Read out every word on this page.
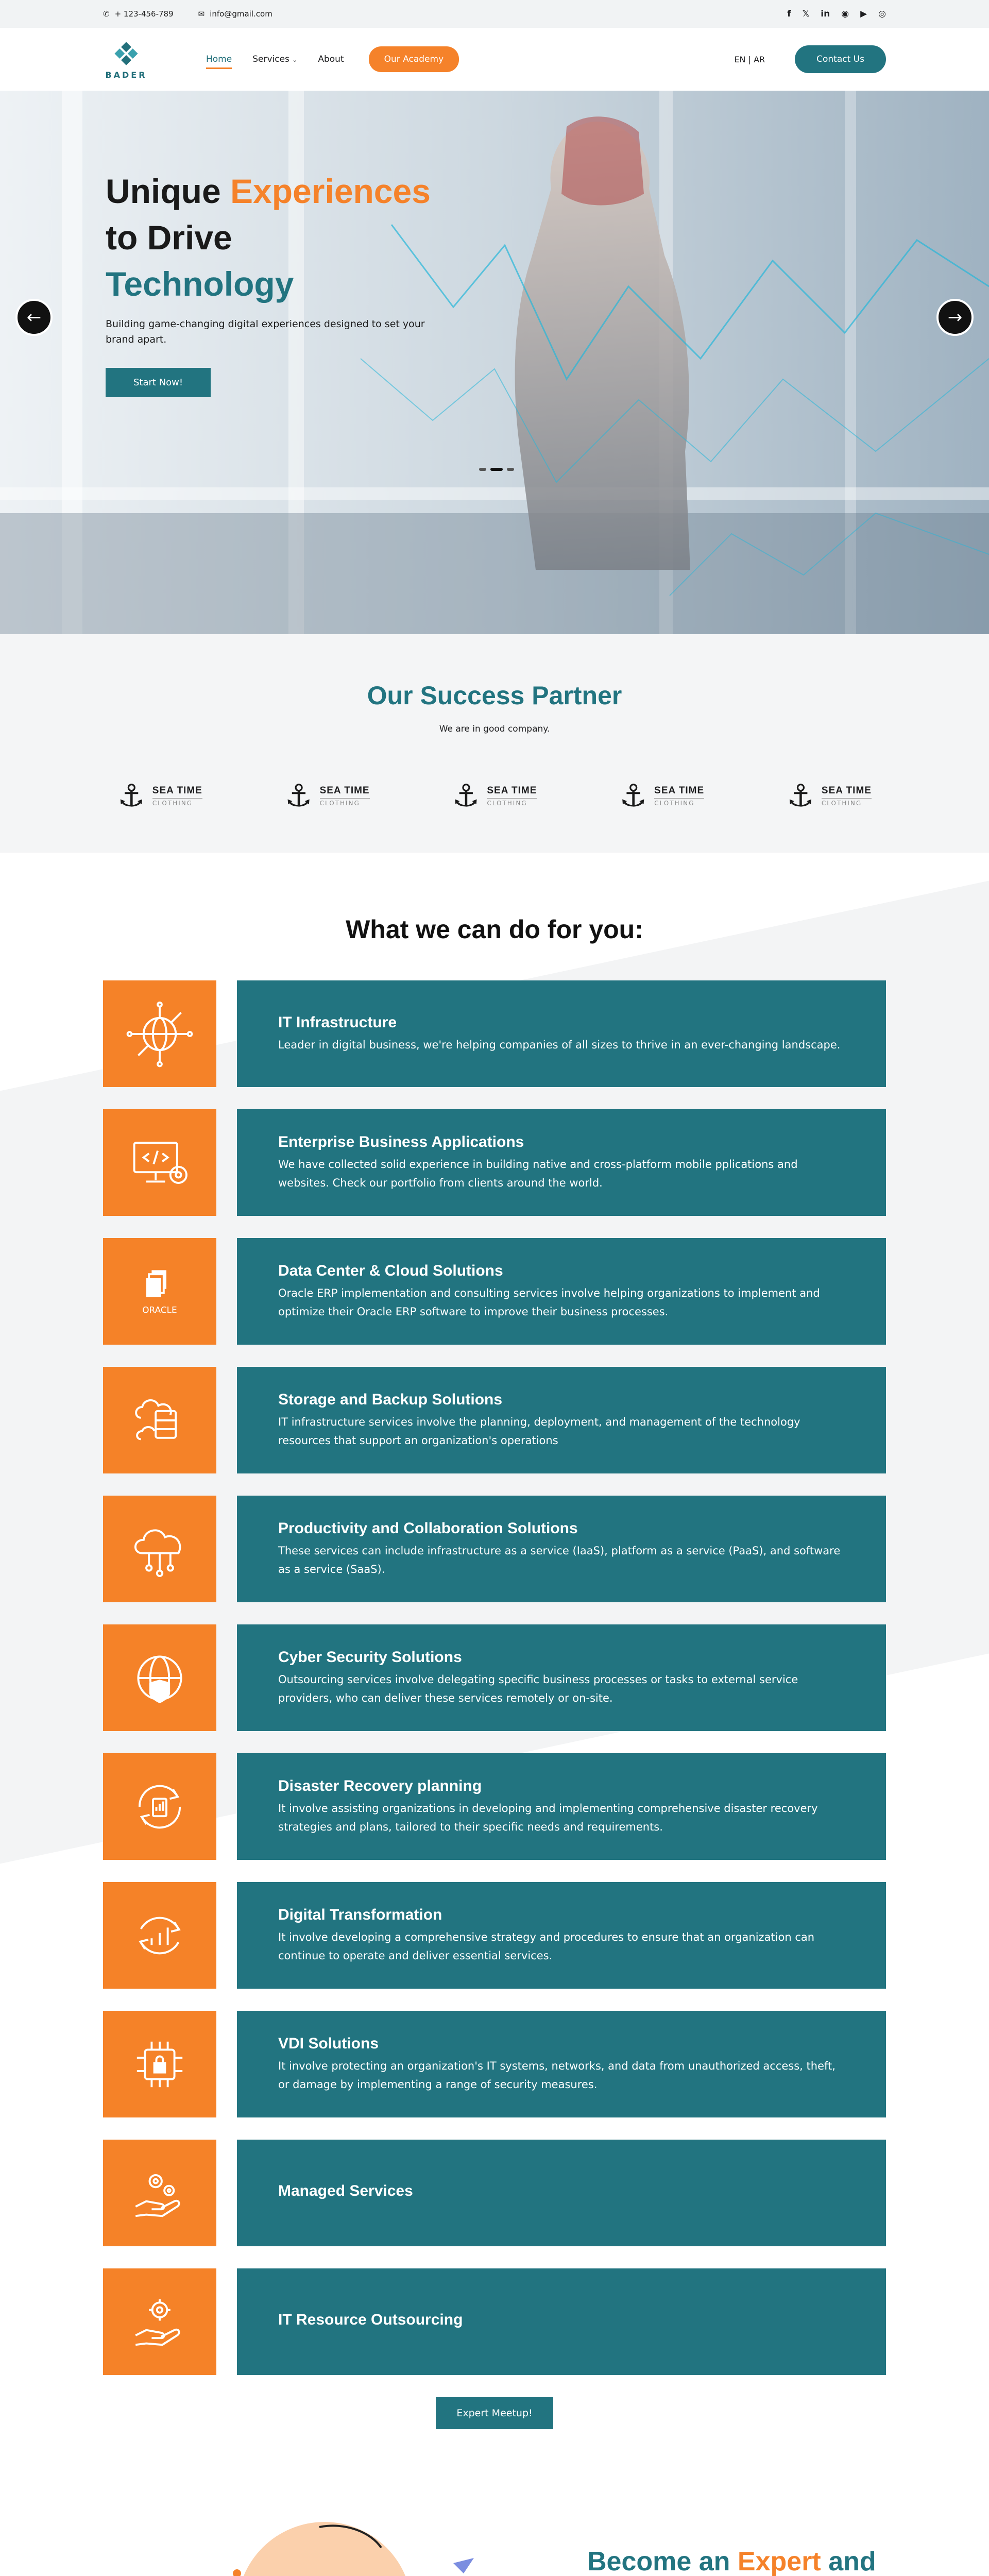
✆ + 123-456-789	✉ info@gmail.com	f 𝕏 in ◉ ▶ ◎
BADER
Home Services ⌄ About	Our Academy	EN | AR	Contact Us
Unique Experiences
to Drive
Technology

Building game-changing digital experiences designed to set your brand apart.

Start Now!
←	→
Our Success Partner

We are in good company.

⚓ SEA TIME
CLOTHING	⚓ SEA TIME
CLOTHING	⚓ SEA TIME
CLOTHING	⚓ SEA TIME
CLOTHING	⚓ SEA TIME
CLOTHING
What we can do for you:
IT Infrastructure

Leader in digital business, we're helping companies of all sizes to thrive in an ever-changing landscape.

Enterprise Business Applications

We have collected solid experience in building native and cross-platform mobile pplications and websites. Check our portfolio from clients around the world.

ORACLE
Data Center & Cloud Solutions

Oracle ERP implementation and consulting services involve helping organizations to implement and optimize their Oracle ERP software to improve their business processes.

Storage and Backup Solutions

IT infrastructure services involve the planning, deployment, and management of the technology resources that support an organization's operations

Productivity and Collaboration Solutions

These services can include infrastructure as a service (IaaS), platform as a service (PaaS), and software as a service (SaaS).

Cyber Security Solutions

Outsourcing services involve delegating specific business processes or tasks to external service providers, who can deliver these services remotely or on-site.

Disaster Recovery planning

It involve assisting organizations in developing and implementing comprehensive disaster recovery strategies and plans, tailored to their specific needs and requirements.

Digital Transformation

It involve developing a comprehensive strategy and procedures to ensure that an organization can continue to operate and deliver essential services.

VDI Solutions

It involve protecting an organization's IT systems, networks, and data from unauthorized access, theft, or damage by implementing a range of security measures.

Managed Services
IT Resource Outsourcing
Expert Meetup!
Become an Expert and
